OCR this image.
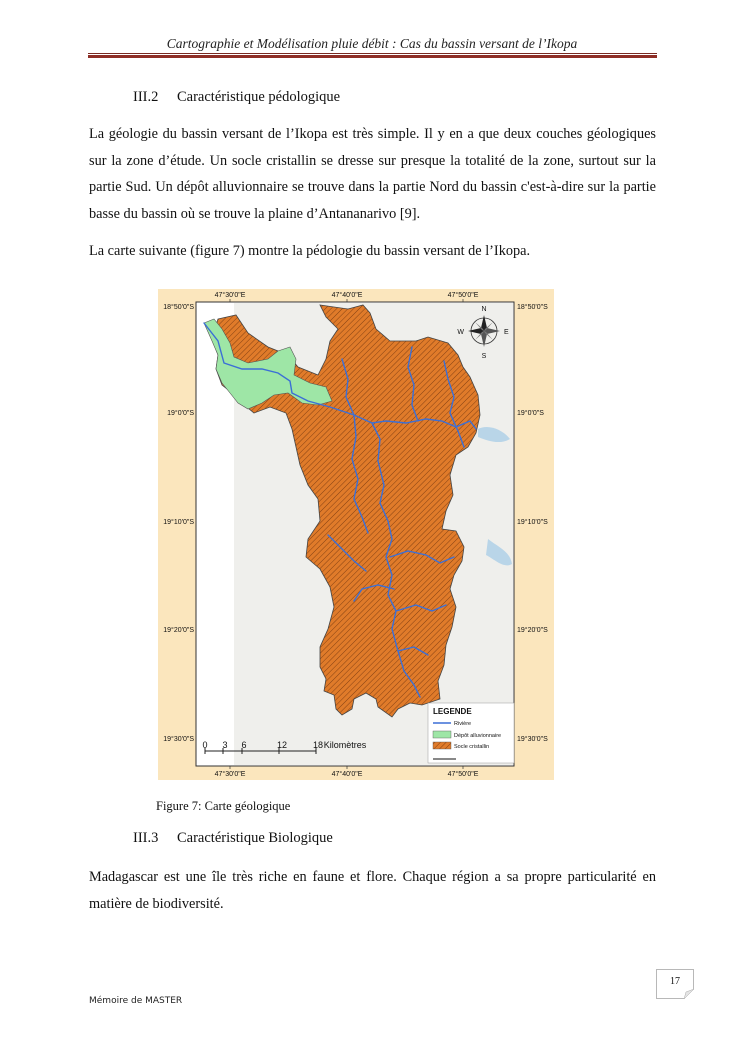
Cartographie et Modélisation pluie débit : Cas du bassin versant de l’Ikopa
III.2 Caractéristique pédologique

La géologie du bassin versant de l’Ikopa est très simple. Il y en a que deux couches géologiques sur la zone d’étude. Un socle cristallin se dresse sur presque la totalité de la zone, surtout sur la partie Sud. Un dépôt alluvionnaire se trouve dans la partie Nord du bassin c'est-à-dire sur la partie basse du bassin où se trouve la plaine d’Antananarivo [9].

La carte suivante (figure 7) montre la pédologie du bassin versant de l’Ikopa.

N
S
E
W
LEGENDE
Rivière
Dépôt alluvionnaire
Socle cristallin
0 3 6	12	18 Kilomètres
47°30'0"E	47°40'0"E	47°50'0"E
47°30'0"E	47°40'0"E	47°50'0"E
18°50'0"S
19°0'0"S
19°10'0"S
19°20'0"S
19°30'0"S
18°50'0"S
19°0'0"S
19°10'0"S
19°20'0"S
19°30'0"S
Figure 7: Carte géologique
III.3 Caractéristique Biologique

Madagascar est une île très riche en faune et flore. Chaque région a sa propre particularité en matière de biodiversité.

17
Mémoire de MASTER
